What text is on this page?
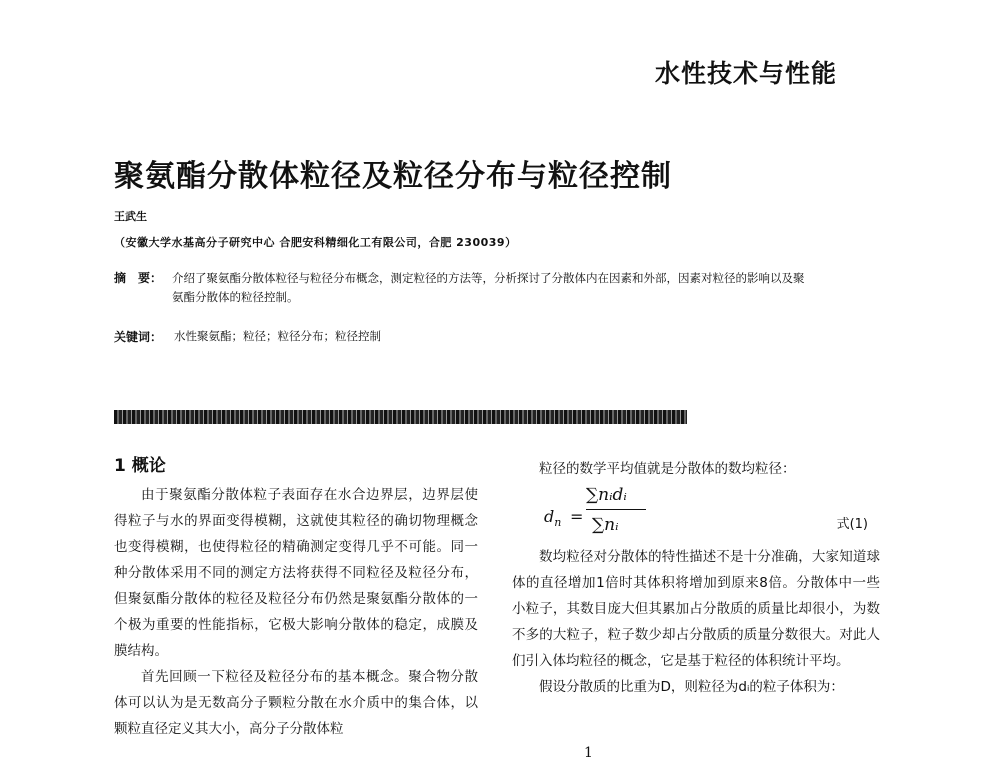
水性技术与性能
聚氨酯分散体粒径及粒径分布与粒径控制
王武生
（安徽大学水基高分子研究中心 合肥安科精细化工有限公司，合肥 230039）
摘　要： 介绍了聚氨酯分散体粒径与粒径分布概念，测定粒径的方法等，分析探讨了分散体内在因素和外部，因素对粒径的影响以及聚氨酯分散体的粒径控制。
关键词： 水性聚氨酯；粒径；粒径分布；粒径控制
1 概论

由于聚氨酯分散体粒子表面存在水合边界层，边界层使得粒子与水的界面变得模糊，这就使其粒径的确切物理概念也变得模糊，也使得粒径的精确测定变得几乎不可能。同一种分散体采用不同的测定方法将获得不同粒径及粒径分布，但聚氨酯分散体的粒径及粒径分布仍然是聚氨酯分散体的一个极为重要的性能指标，它极大影响分散体的稳定，成膜及膜结构。

首先回顾一下粒径及粒径分布的基本概念。聚合物分散体可以认为是无数高分子颗粒分散在水介质中的集合体，以颗粒直径定义其大小，高分子分散体粒

粒径的数学平均值就是分散体的数均粒径：

$d_n$ =
∑nᵢdᵢ
∑nᵢ	式(1)

数均粒径对分散体的特性描述不是十分准确，大家知道球体的直径增加1倍时其体积将增加到原来8倍。分散体中一些小粒子，其数目庞大但其累加占分散质的质量比却很小，为数不多的大粒子，粒子数少却占分散质的质量分数很大。对此人们引入体均粒径的概念，它是基于粒径的体积统计平均。

假设分散质的比重为D，则粒径为dᵢ的粒子体积为：

1
